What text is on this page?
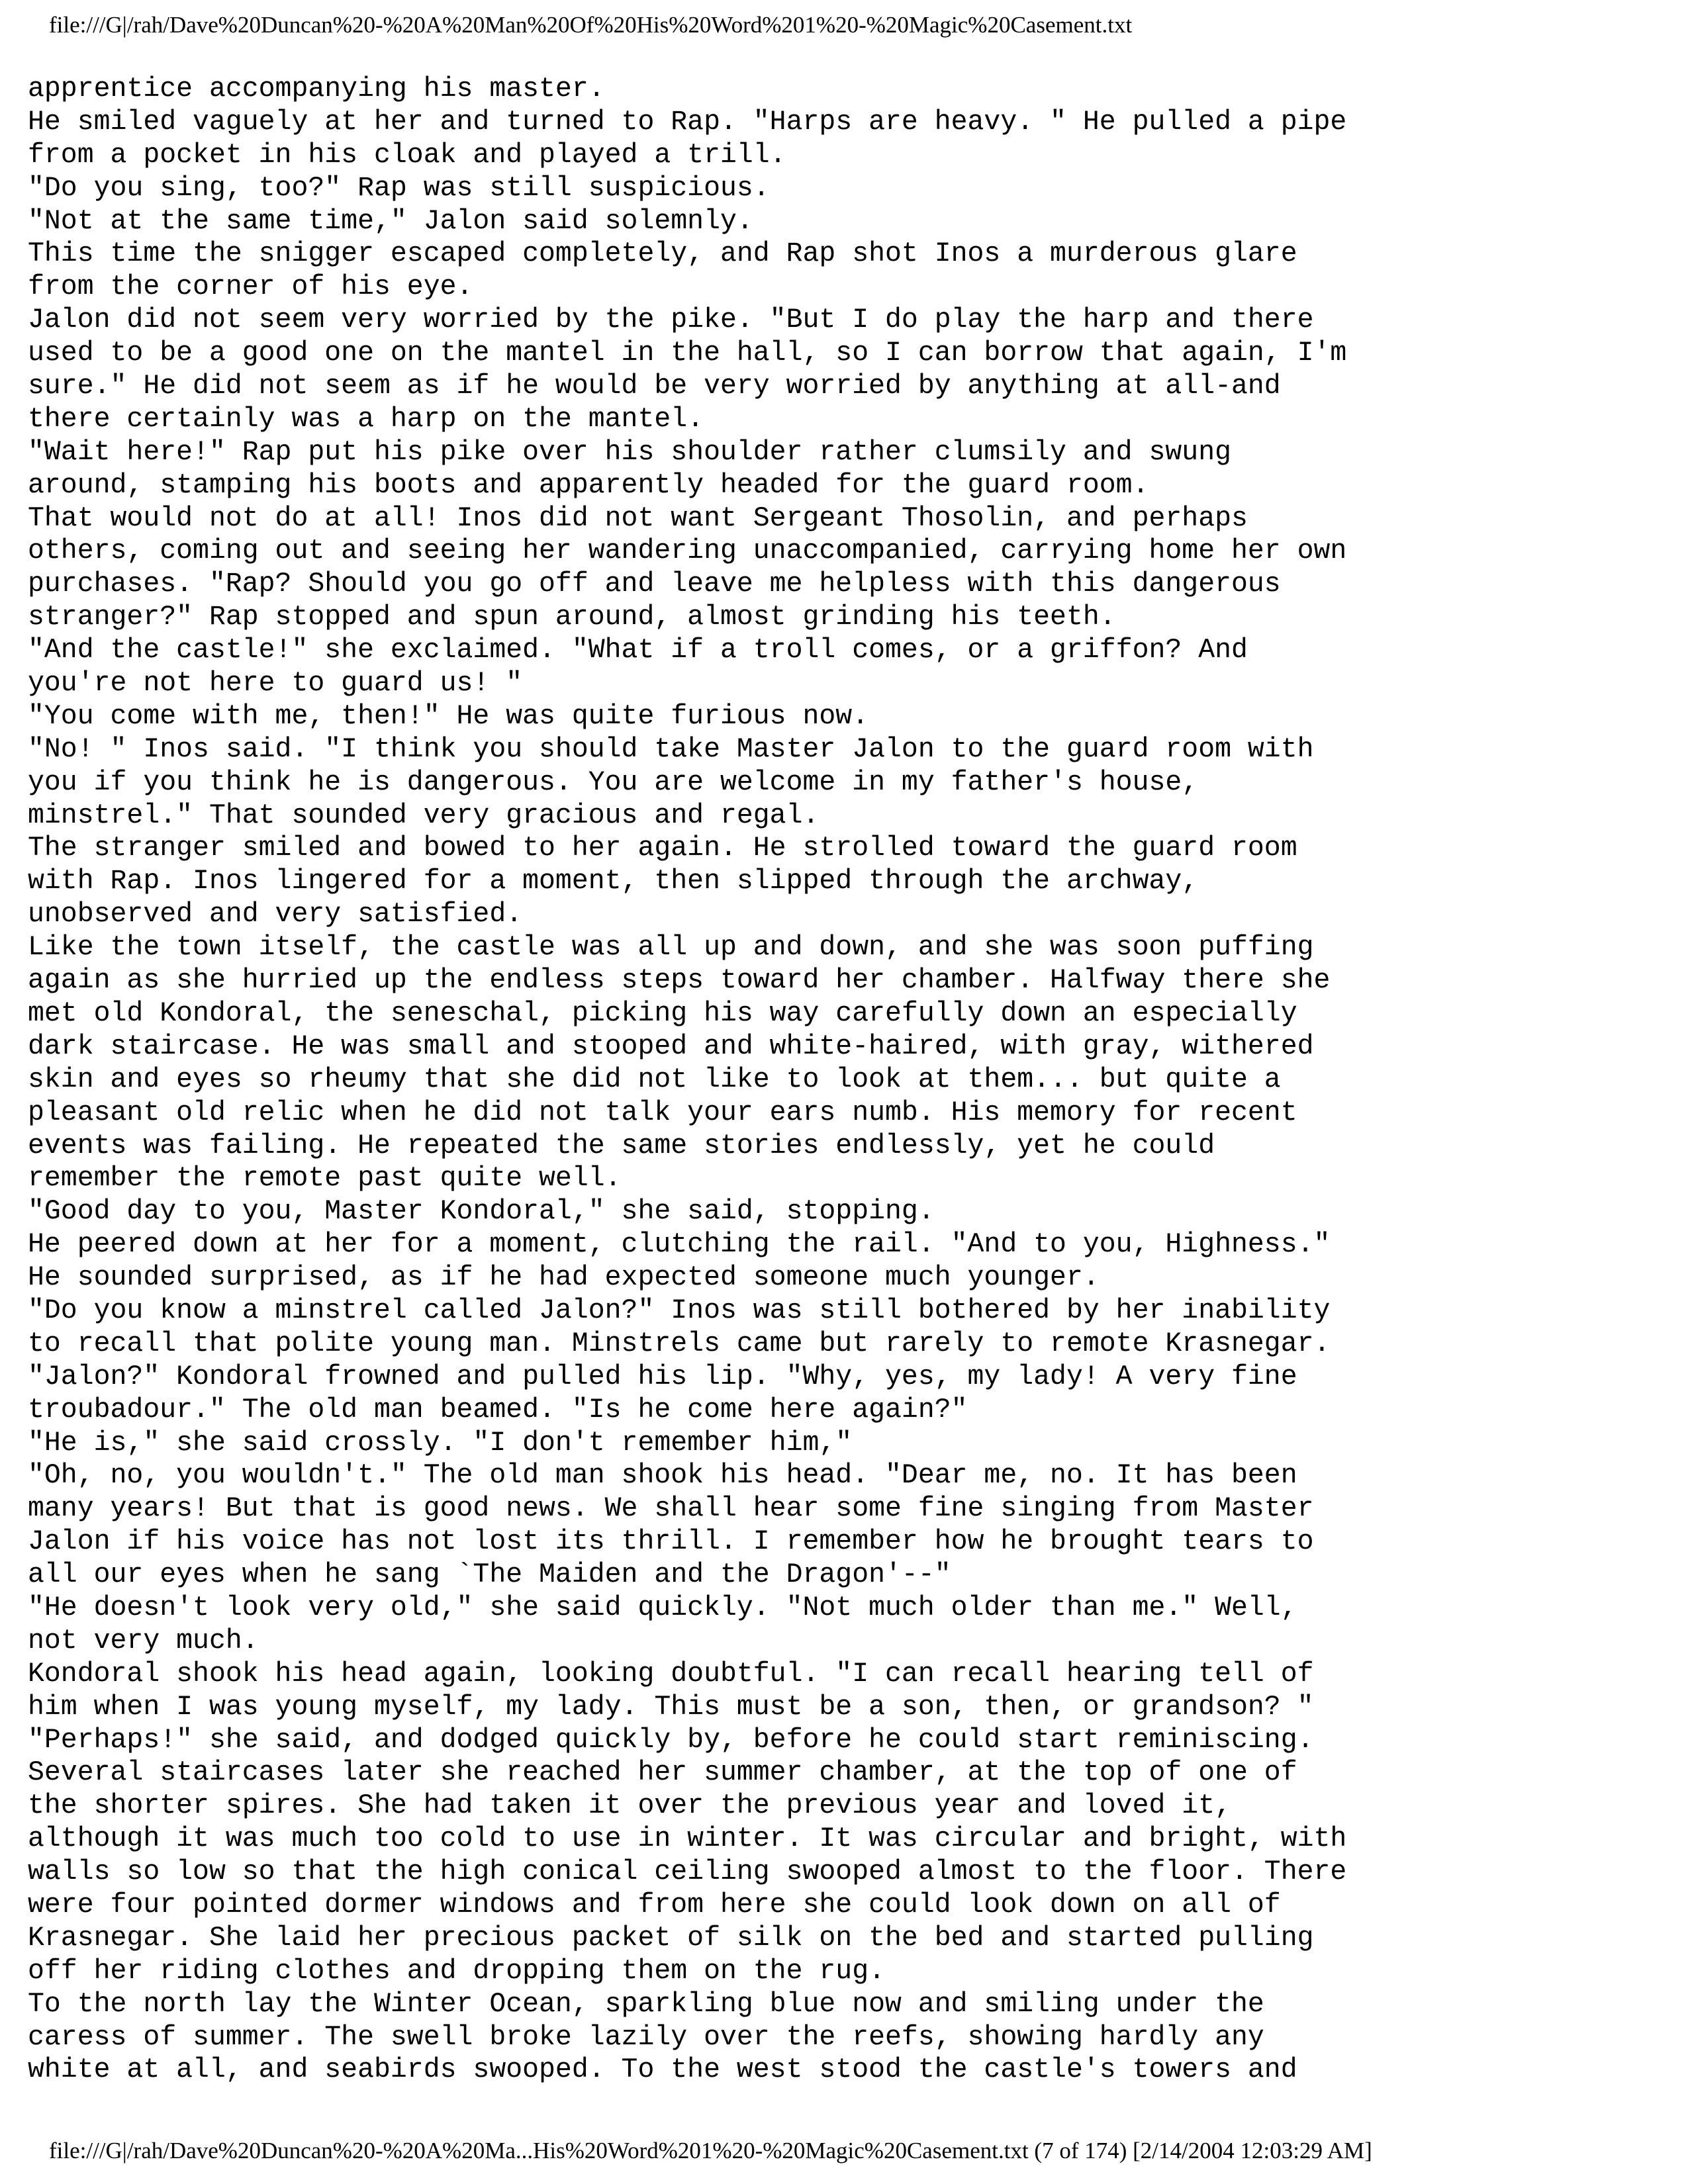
file:///G|/rah/Dave%20Duncan%20-%20A%20Man%20Of%20His%20Word%201%20-%20Magic%20Casement.txt
apprentice accompanying his master.
He smiled vaguely at her and turned to Rap. "Harps are heavy. " He pulled a pipe
from a pocket in his cloak and played a trill.
"Do you sing, too?" Rap was still suspicious.
"Not at the same time," Jalon said solemnly.
This time the snigger escaped completely, and Rap shot Inos a murderous glare
from the corner of his eye.
Jalon did not seem very worried by the pike. "But I do play the harp and there
used to be a good one on the mantel in the hall, so I can borrow that again, I'm
sure." He did not seem as if he would be very worried by anything at all-and
there certainly was a harp on the mantel.
"Wait here!" Rap put his pike over his shoulder rather clumsily and swung
around, stamping his boots and apparently headed for the guard room.
That would not do at all! Inos did not want Sergeant Thosolin, and perhaps
others, coming out and seeing her wandering unaccompanied, carrying home her own
purchases. "Rap? Should you go off and leave me helpless with this dangerous
stranger?" Rap stopped and spun around, almost grinding his teeth.
"And the castle!" she exclaimed. "What if a troll comes, or a griffon? And
you're not here to guard us! "
"You come with me, then!" He was quite furious now.
"No! " Inos said. "I think you should take Master Jalon to the guard room with
you if you think he is dangerous. You are welcome in my father's house,
minstrel." That sounded very gracious and regal.
The stranger smiled and bowed to her again. He strolled toward the guard room
with Rap. Inos lingered for a moment, then slipped through the archway,
unobserved and very satisfied.
Like the town itself, the castle was all up and down, and she was soon puffing
again as she hurried up the endless steps toward her chamber. Halfway there she
met old Kondoral, the seneschal, picking his way carefully down an especially
dark staircase. He was small and stooped and white-haired, with gray, withered
skin and eyes so rheumy that she did not like to look at them... but quite a
pleasant old relic when he did not talk your ears numb. His memory for recent
events was failing. He repeated the same stories endlessly, yet he could
remember the remote past quite well.
"Good day to you, Master Kondoral," she said, stopping.
He peered down at her for a moment, clutching the rail. "And to you, Highness."
He sounded surprised, as if he had expected someone much younger.
"Do you know a minstrel called Jalon?" Inos was still bothered by her inability
to recall that polite young man. Minstrels came but rarely to remote Krasnegar.
"Jalon?" Kondoral frowned and pulled his lip. "Why, yes, my lady! A very fine
troubadour." The old man beamed. "Is he come here again?"
"He is," she said crossly. "I don't remember him,"
"Oh, no, you wouldn't." The old man shook his head. "Dear me, no. It has been
many years! But that is good news. We shall hear some fine singing from Master
Jalon if his voice has not lost its thrill. I remember how he brought tears to
all our eyes when he sang `The Maiden and the Dragon'--"
"He doesn't look very old," she said quickly. "Not much older than me." Well,
not very much.
Kondoral shook his head again, looking doubtful. "I can recall hearing tell of
him when I was young myself, my lady. This must be a son, then, or grandson? "
"Perhaps!" she said, and dodged quickly by, before he could start reminiscing.
Several staircases later she reached her summer chamber, at the top of one of
the shorter spires. She had taken it over the previous year and loved it,
although it was much too cold to use in winter. It was circular and bright, with
walls so low so that the high conical ceiling swooped almost to the floor. There
were four pointed dormer windows and from here she could look down on all of
Krasnegar. She laid her precious packet of silk on the bed and started pulling
off her riding clothes and dropping them on the rug.
To the north lay the Winter Ocean, sparkling blue now and smiling under the
caress of summer. The swell broke lazily over the reefs, showing hardly any
white at all, and seabirds swooped. To the west stood the castle's towers and
file:///G|/rah/Dave%20Duncan%20-%20A%20Ma...His%20Word%201%20-%20Magic%20Casement.txt (7 of 174) [2/14/2004 12:03:29 AM]
